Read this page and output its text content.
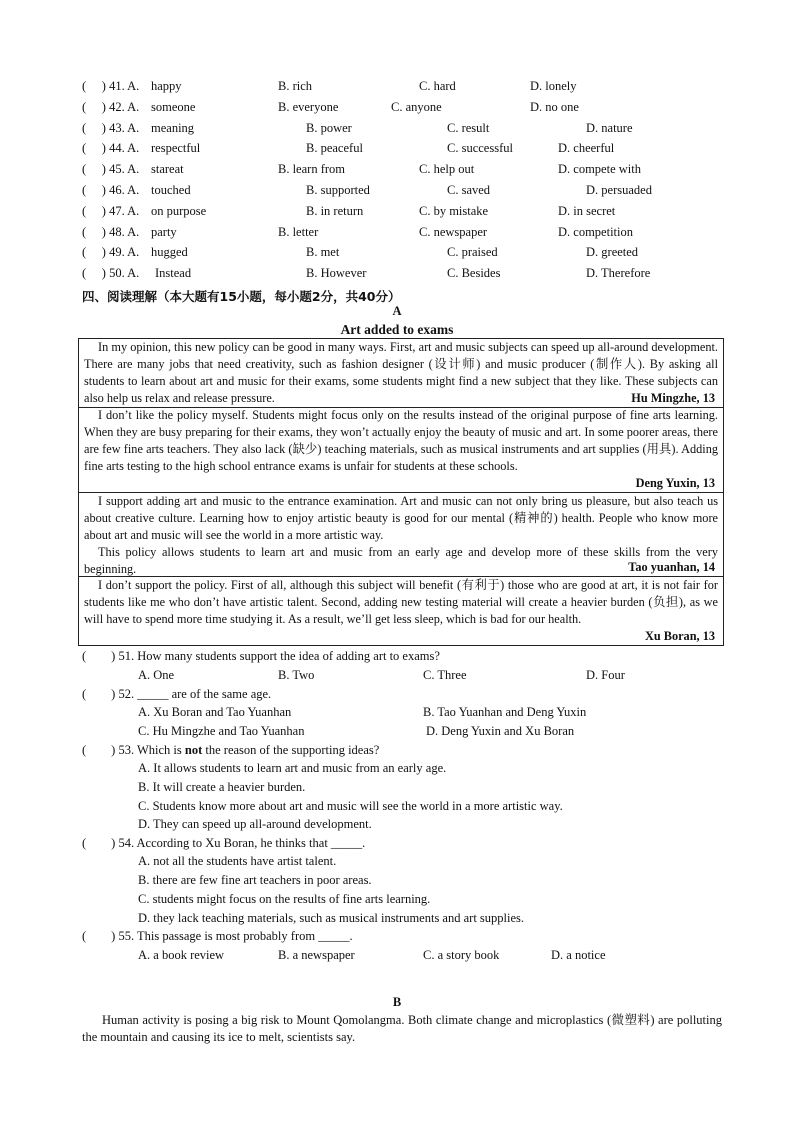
(　 ) 41. A. happy	B. rich	C. hard	D. lonely
(　 ) 42. A. someone	B. everyone	C. anyone	D. no one
(　 ) 43. A. meaning	B. power	C. result	D. nature
(　 ) 44. A. respectful	B. peaceful	C. successful	D. cheerful
(　 ) 45. A. stareat	B. learn from	C. help out	D. compete with
(　 ) 46. A. touched	B. supported	C. saved	D. persuaded
(　 ) 47. A. on purpose	B. in return	C. by mistake	D. in secret
(　 ) 48. A. party	B. letter	C. newspaper	D. competition
(　 ) 49. A. hugged	B. met	C. praised	D. greeted
(　 ) 50. A. Instead	B. However	C. Besides	D. Therefore
四、阅读理解（本大题有15小题，每小题2分，共40分）
A
Art added to exams

In my opinion, this new policy can be good in many ways. First, art and music subjects can speed up all-around development. There are many jobs that need creativity, such as fashion designer (设计师) and music producer (制作人). By asking all students to learn about art and music for their exams, some students might find a new subject that they like. These subjects can also help us relax and release pressure.	Hu Mingzhe, 13

I don’t like the policy myself. Students might focus only on the results instead of the original purpose of fine arts learning. When they are busy preparing for their exams, they won’t actually enjoy the beauty of music and art. In some poorer areas, there are few fine arts teachers. They also lack (缺少) teaching materials, such as musical instruments and art supplies (用具). Adding fine arts testing to the high school entrance exams is unfair for students at these schools.

Deng Yuxin, 13

I support adding art and music to the entrance examination. Art and music can not only bring us pleasure, but also teach us about creative culture. Learning how to enjoy artistic beauty is good for our mental (精神的) health. People who know more about art and music will see the world in a more artistic way.

This policy allows students to learn art and music from an early age and develop more of these skills from the very beginning.	Tao yuanhan, 14

I don’t support the policy. First of all, although this subject will benefit (有利于) those who are good at art, it is not fair for students like me who don’t have artistic talent. Second, adding new testing material will create a heavier burden (负担), as we will have to spend more time studying it. As a result, we’ll get less sleep, which is bad for our health.

Xu Boran, 13
(　　) 51. How many students support the idea of adding art to exams?
A. One	B. Two	C. Three	D. Four
(　　) 52. _____ are of the same age.
A. Xu Boran and Tao Yuanhan	B. Tao Yuanhan and Deng Yuxin
C. Hu Mingzhe and Tao Yuanhan	D. Deng Yuxin and Xu Boran
(　　) 53. Which is not the reason of the supporting ideas?
A. It allows students to learn art and music from an early age.
B. It will create a heavier burden.
C. Students know more about art and music will see the world in a more artistic way.
D. They can speed up all-around development.
(　　) 54. According to Xu Boran, he thinks that _____.
A. not all the students have artist talent.
B. there are few fine art teachers in poor areas.
C. students might focus on the results of fine arts learning.
D. they lack teaching materials, such as musical instruments and art supplies.
(　　) 55. This passage is most probably from _____.
A. a book review	B. a newspaper	C. a story book	D. a notice
B
Human activity is posing a big risk to Mount Qomolangma. Both climate change and microplastics (微塑料) are polluting the mountain and causing its ice to melt, scientists say.
